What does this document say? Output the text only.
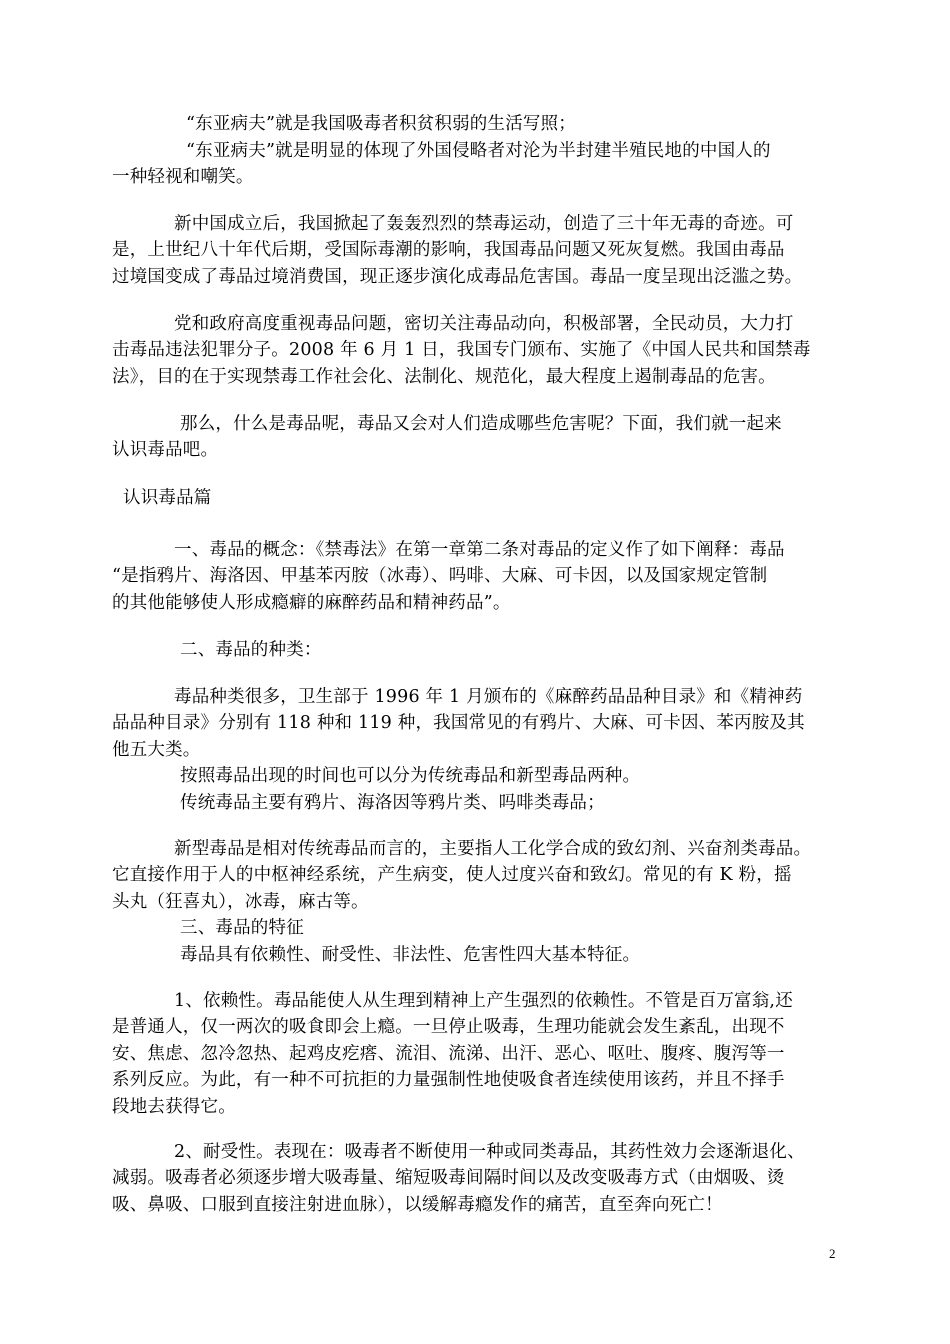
“东亚病夫”就是我国吸毒者积贫积弱的生活写照；
“东亚病夫”就是明显的体现了外国侵略者对沦为半封建半殖民地的中国人的
一种轻视和嘲笑。
新中国成立后，我国掀起了轰轰烈烈的禁毒运动，创造了三十年无毒的奇迹。可
是，上世纪八十年代后期，受国际毒潮的影响，我国毒品问题又死灰复燃。我国由毒品
过境国变成了毒品过境消费国，现正逐步演化成毒品危害国。毒品一度呈现出泛滥之势。
党和政府高度重视毒品问题，密切关注毒品动向，积极部署，全民动员，大力打
击毒品违法犯罪分子。2008 年 6 月 1 日，我国专门颁布、实施了《中国人民共和国禁毒
法》，目的在于实现禁毒工作社会化、法制化、规范化，最大程度上遏制毒品的危害。
那么，什么是毒品呢，毒品又会对人们造成哪些危害呢？下面，我们就一起来
认识毒品吧。
认识毒品篇
一、毒品的概念：《禁毒法》在第一章第二条对毒品的定义作了如下阐释：毒品
“是指鸦片、海洛因、甲基苯丙胺（冰毒）、吗啡、大麻、可卡因，以及国家规定管制
的其他能够使人形成瘾癖的麻醉药品和精神药品”。
二、毒品的种类：
毒品种类很多，卫生部于 1996 年 1 月颁布的《麻醉药品品种目录》和《精神药
品品种目录》分别有 118 种和 119 种，我国常见的有鸦片、大麻、可卡因、苯丙胺及其
他五大类。
按照毒品出现的时间也可以分为传统毒品和新型毒品两种。
传统毒品主要有鸦片、海洛因等鸦片类、吗啡类毒品；
新型毒品是相对传统毒品而言的，主要指人工化学合成的致幻剂、兴奋剂类毒品。
它直接作用于人的中枢神经系统，产生病变，使人过度兴奋和致幻。常见的有 K 粉，摇
头丸（狂喜丸），冰毒，麻古等。
三、毒品的特征
毒品具有依赖性、耐受性、非法性、危害性四大基本特征。
1、依赖性。毒品能使人从生理到精神上产生强烈的依赖性。不管是百万富翁,还
是普通人，仅一两次的吸食即会上瘾。一旦停止吸毒，生理功能就会发生紊乱，出现不
安、焦虑、忽冷忽热、起鸡皮疙瘩、流泪、流涕、出汗、恶心、呕吐、腹疼、腹泻等一
系列反应。为此，有一种不可抗拒的力量强制性地使吸食者连续使用该药，并且不择手
段地去获得它。
2、耐受性。表现在：吸毒者不断使用一种或同类毒品，其药性效力会逐渐退化、
减弱。吸毒者必须逐步增大吸毒量、缩短吸毒间隔时间以及改变吸毒方式（由烟吸、烫
吸、鼻吸、口服到直接注射进血脉），以缓解毒瘾发作的痛苦，直至奔向死亡！
2
